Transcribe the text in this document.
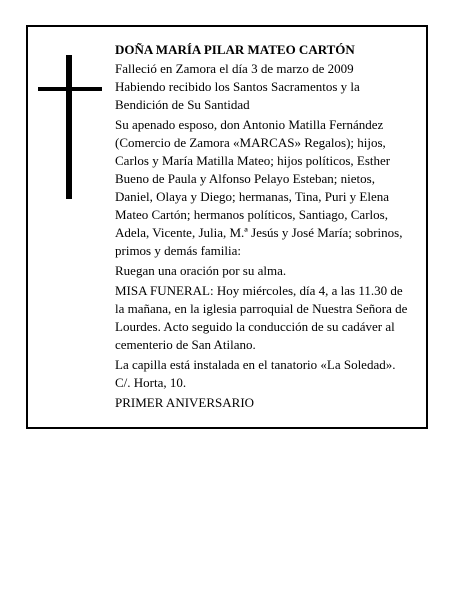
DOÑA MARÍA PILAR MATEO CARTÓN

Falleció en Zamora el día 3 de marzo de 2009
Habiendo recibido los Santos Sacramentos y la
Bendición de Su Santidad

Su apenado esposo, don Antonio Matilla Fernández
(Comercio de Zamora «MARCAS» Regalos); hijos,
Carlos y María Matilla Mateo; hijos políticos, Esther
Bueno de Paula y Alfonso Pelayo Esteban; nietos,
Daniel, Olaya y Diego; hermanas, Tina, Puri y Elena
Mateo Cartón; hermanos políticos, Santiago, Carlos,
Adela, Vicente, Julia, M.ª Jesús y José María; sobrinos,
primos y demás familia:

Ruegan una oración por su alma.

MISA FUNERAL: Hoy miércoles, día 4, a las 11.30 de
la mañana, en la iglesia parroquial de Nuestra Señora de
Lourdes. Acto seguido la conducción de su cadáver al
cementerio de San Atilano.

La capilla está instalada en el tanatorio «La Soledad».
C/. Horta, 10.

PRIMER ANIVERSARIO
